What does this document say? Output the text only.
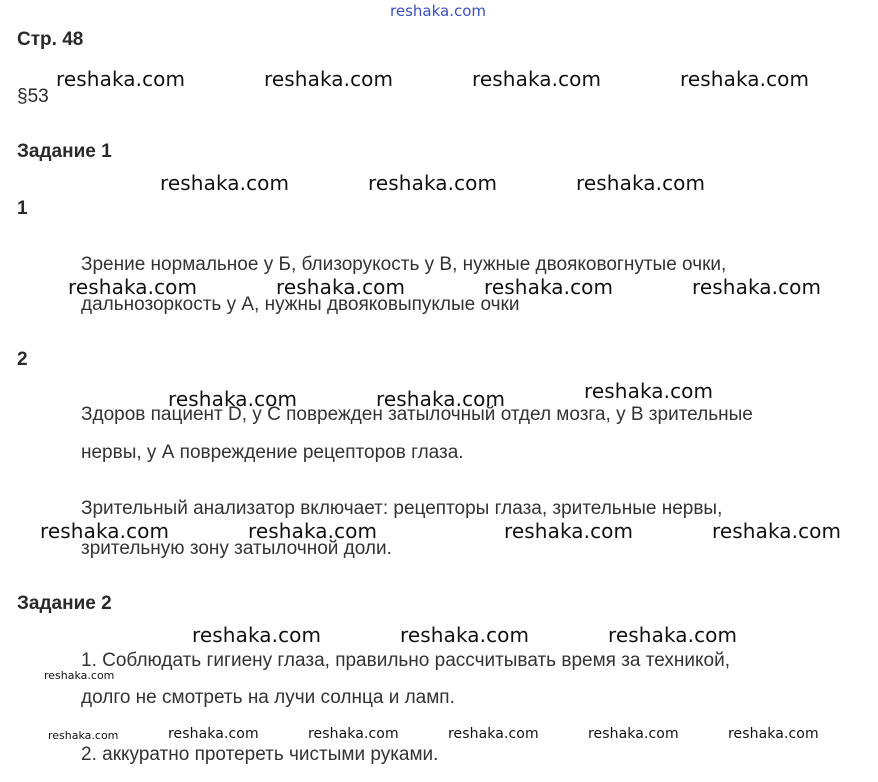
reshaka.com
Стр. 48
§53
Задание 1
1
Зрение нормальное у Б, близорукость у В, нужные двояковогнутые очки,
дальнозоркость у А, нужны двояковыпуклые очки
2
Здоров пациент D, у С поврежден затылочный отдел мозга, у В зрительные
нервы, у А повреждение рецепторов глаза.
Зрительный анализатор включает: рецепторы глаза, зрительные нервы,
зрительную зону затылочной доли.
Задание 2
1. Соблюдать гигиену глаза, правильно рассчитывать время за техникой,
долго не смотреть на лучи солнца и ламп.
2. аккуратно протереть чистыми руками.
reshaka.com	reshaka.com	reshaka.com	reshaka.com
reshaka.com	reshaka.com	reshaka.com
reshaka.com	reshaka.com	reshaka.com	reshaka.com
reshaka.com	reshaka.com	reshaka.com
reshaka.com	reshaka.com	reshaka.com	reshaka.com
reshaka.com	reshaka.com	reshaka.com
reshaka.com
reshaka.com	reshaka.com	reshaka.com	reshaka.com	reshaka.com	reshaka.com
